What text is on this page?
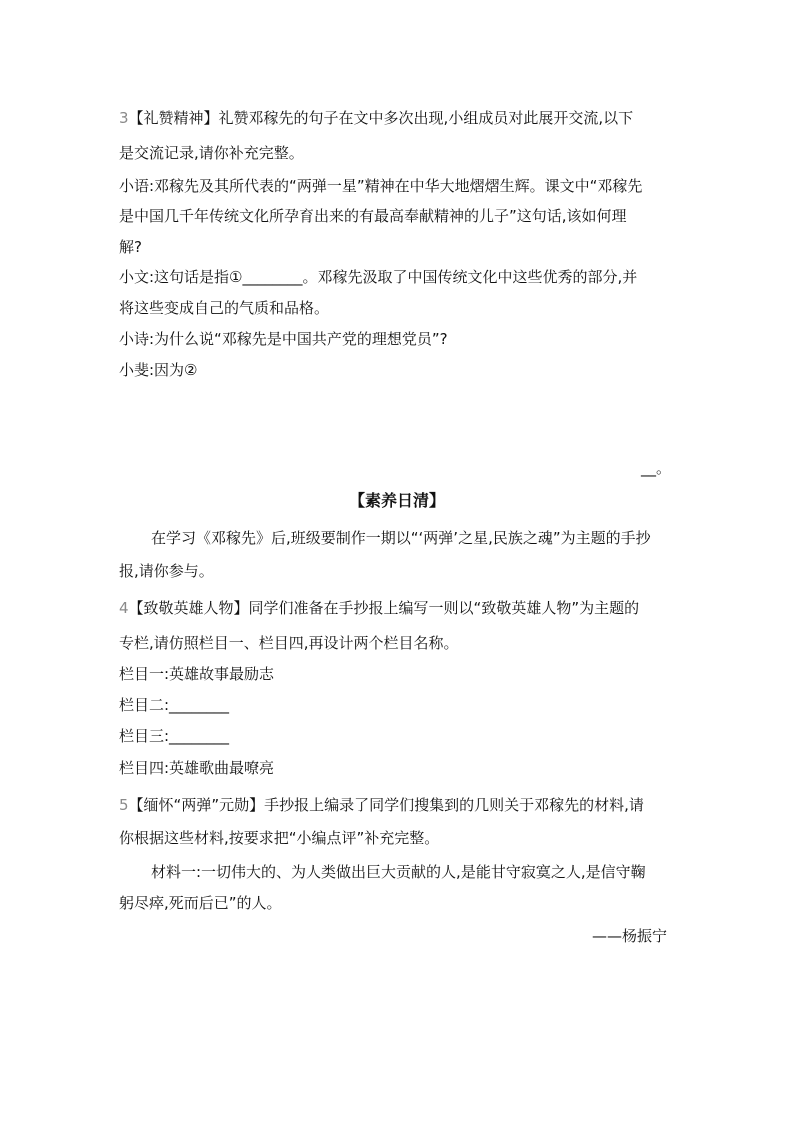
3【礼赞精神】礼赞邓稼先的句子在文中多次出现,小组成员对此展开交流,以下
是交流记录,请你补充完整。
小语:邓稼先及其所代表的“两弹一星”精神在中华大地熠熠生辉。课文中“邓稼先
是中国几千年传统文化所孕育出来的有最高奉献精神的儿子”这句话,该如何理
解?
小文:这句话是指①________。邓稼先汲取了中国传统文化中这些优秀的部分,并
将这些变成自己的气质和品格。
小诗:为什么说“邓稼先是中国共产党的理想党员”?
小斐:因为②
__。
【素养日清】
在学习《邓稼先》后,班级要制作一期以“‘两弹’之星,民族之魂”为主题的手抄
报,请你参与。
4【致敬英雄人物】同学们准备在手抄报上编写一则以“致敬英雄人物”为主题的
专栏,请仿照栏目一、栏目四,再设计两个栏目名称。
栏目一:英雄故事最励志
栏目二:________
栏目三:________
栏目四:英雄歌曲最嘹亮
5【缅怀“两弹”元勋】手抄报上编录了同学们搜集到的几则关于邓稼先的材料,请
你根据这些材料,按要求把“小编点评”补充完整。
材料一:一切伟大的、为人类做出巨大贡献的人,是能甘守寂寞之人,是信守鞠
躬尽瘁,死而后已”的人。
——杨振宁
